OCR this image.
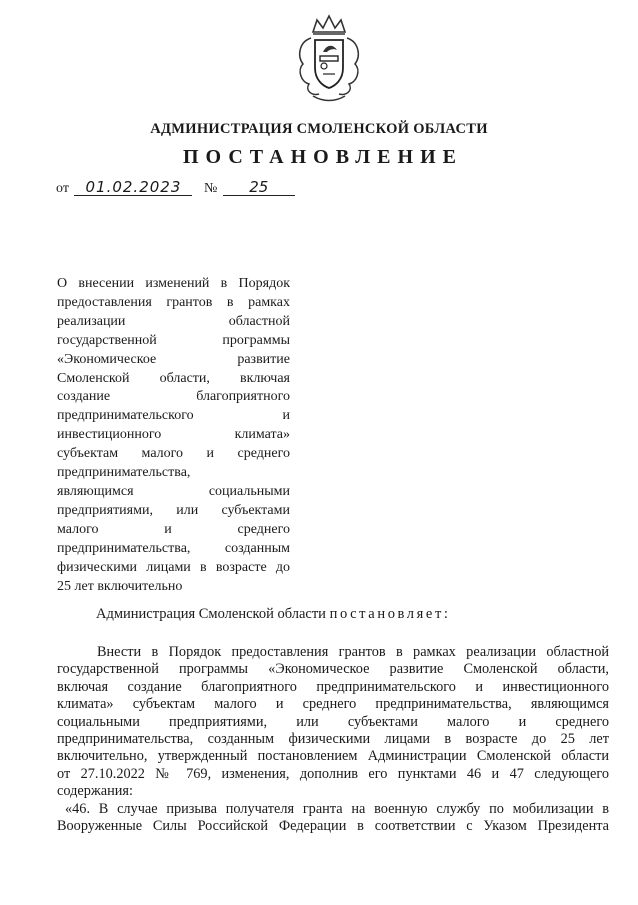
АДМИНИСТРАЦИЯ СМОЛЕНСКОЙ ОБЛАСТИ
ПОСТАНОВЛЕНИЕ
от 01.02.2023 № 25
О внесении изменений в Порядок
предоставления грантов в рамках
реализации областной
государственной программы
«Экономическое развитие
Смоленской области, включая
создание благоприятного
предпринимательского и
инвестиционного климата»
субъектам малого и среднего
предпринимательства,
являющимся социальными
предприятиями, или субъектами
малого и среднего
предпринимательства, созданным
физическими лицами в возрасте до
25 лет включительно
Администрация Смоленской области постановляет:

Внести в Порядок предоставления грантов в рамках реализации областной
государственной программы «Экономическое развитие Смоленской области,
включая создание благоприятного предпринимательского и инвестиционного
климата» субъектам малого и среднего предпринимательства, являющимся
социальными предприятиями, или субъектами малого и среднего
предпринимательства, созданным физическими лицами в возрасте до 25 лет
включительно, утвержденный постановлением Администрации Смоленской области
от 27.10.2022 № 769, изменения, дополнив его пунктами 46 и 47 следующего
содержания:

«46. В случае призыва получателя гранта на военную службу по мобилизации в
Вооруженные Силы Российской Федерации в соответствии с Указом Президента
